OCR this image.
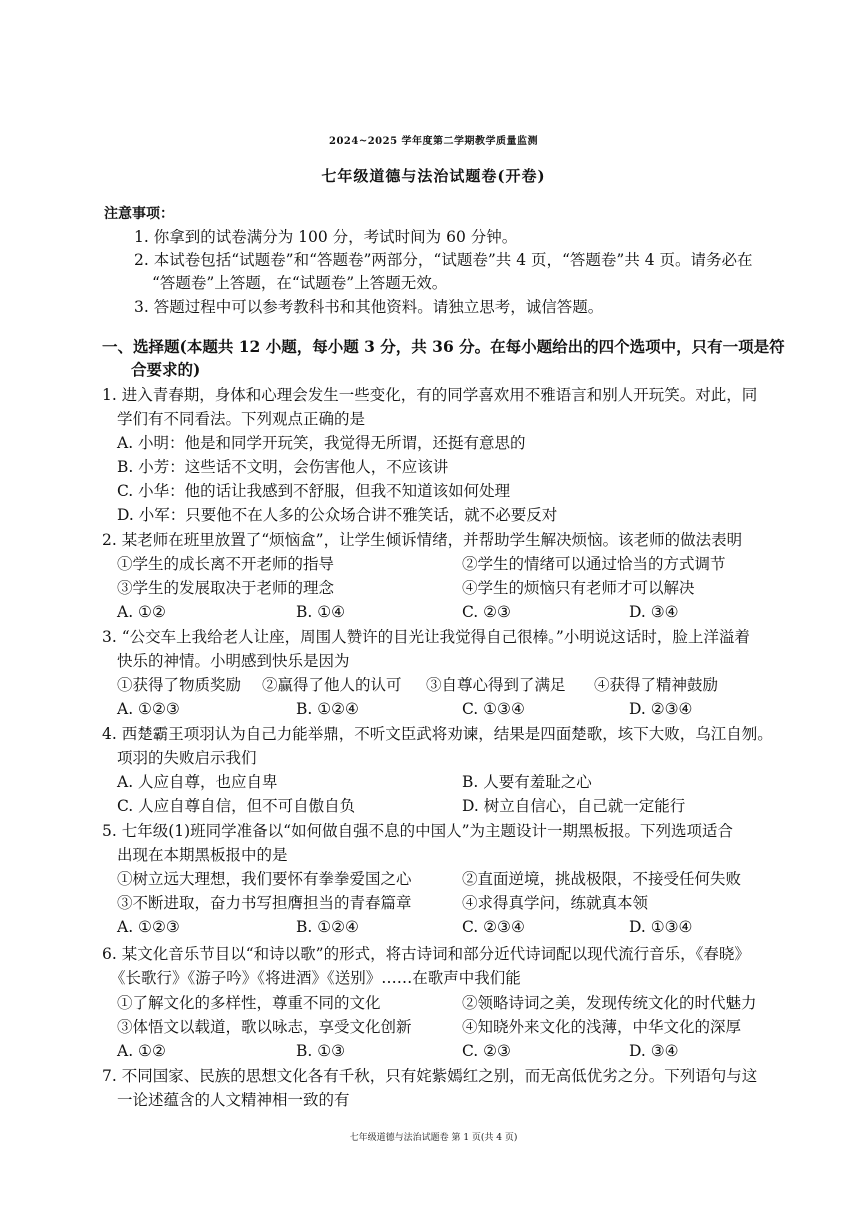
2024~2025 学年度第二学期教学质量监测
七年级道德与法治试题卷(开卷)
注意事项：
1. 你拿到的试卷满分为 100 分，考试时间为 60 分钟。
2. 本试卷包括“试题卷”和“答题卷”两部分，“试题卷”共 4 页，“答题卷”共 4 页。请务必在
“答题卷”上答题，在“试题卷”上答题无效。
3. 答题过程中可以参考教科书和其他资料。请独立思考，诚信答题。
一、选择题(本题共 12 小题，每小题 3 分，共 36 分。在每小题给出的四个选项中，只有一项是符
合要求的)
1. 进入青春期，身体和心理会发生一些变化，有的同学喜欢用不雅语言和别人开玩笑。对此，同
学们有不同看法。下列观点正确的是
A. 小明：他是和同学开玩笑，我觉得无所谓，还挺有意思的
B. 小芳：这些话不文明，会伤害他人，不应该讲
C. 小华：他的话让我感到不舒服，但我不知道该如何处理
D. 小军：只要他不在人多的公众场合讲不雅笑话，就不必要反对
2. 某老师在班里放置了“烦恼盒”，让学生倾诉情绪，并帮助学生解决烦恼。该老师的做法表明
①学生的成长离不开老师的指导	②学生的情绪可以通过恰当的方式调节
③学生的发展取决于老师的理念	④学生的烦恼只有老师才可以解决
A. ①②	B. ①④	C. ②③	D. ③④
3. “公交车上我给老人让座，周围人赞许的目光让我觉得自己很棒。”小明说这话时，脸上洋溢着
快乐的神情。小明感到快乐是因为
①获得了物质奖励 ②赢得了他人的认可 ③自尊心得到了满足 ④获得了精神鼓励
A. ①②③	B. ①②④	C. ①③④	D. ②③④
4. 西楚霸王项羽认为自己力能举鼎，不听文臣武将劝谏，结果是四面楚歌，垓下大败，乌江自刎。
项羽的失败启示我们
A. 人应自尊，也应自卑	B. 人要有羞耻之心
C. 人应自尊自信，但不可自傲自负	D. 树立自信心，自己就一定能行
5. 七年级(1)班同学准备以“如何做自强不息的中国人”为主题设计一期黑板报。下列选项适合
出现在本期黑板报中的是
①树立远大理想，我们要怀有拳拳爱国之心	②直面逆境，挑战极限，不接受任何失败
③不断进取，奋力书写担膺担当的青春篇章	④求得真学问，练就真本领
A. ①②③	B. ①②④	C. ②③④	D. ①③④
6. 某文化音乐节目以“和诗以歌”的形式，将古诗词和部分近代诗词配以现代流行音乐，《春晓》
《长歌行》《游子吟》《将进酒》《送别》……在歌声中我们能
①了解文化的多样性，尊重不同的文化	②领略诗词之美，发现传统文化的时代魅力
③体悟文以载道，歌以咏志，享受文化创新	④知晓外来文化的浅薄，中华文化的深厚
A. ①②	B. ①③	C. ②③	D. ③④
7. 不同国家、民族的思想文化各有千秋，只有姹紫嫣红之别，而无高低优劣之分。下列语句与这
一论述蕴含的人文精神相一致的有
七年级道德与法治试题卷 第 1 页(共 4 页)
